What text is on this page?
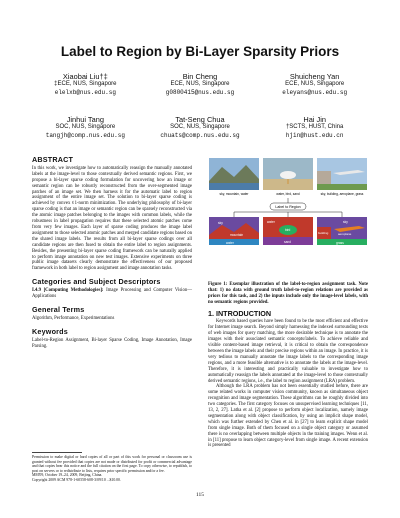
Label to Region by Bi-Layer Sparsity Priors
Xiaobai Liu†‡
‡ECE, NUS, Singapore
elelxb@nus.edu.sg
Bin Cheng
ECE, NUS, Singapore
g0800415@nus.edu.sg
Shuicheng Yan
ECE, NUS, Singapore
eleyans@nus.edu.sg
Jinhui Tang
SOC, NUS, Singapore
tangjh@comp.nus.edu.sg
Tat-Seng Chua
SOC, NUS, Singapore
chuats@comp.nus.edu.sg
Hai Jin
†SCTS, HUST, China
hjin@hust.edu.cn
ABSTRACT

In this work, we investigate how to automatically reassign the manually annotated labels at the image-level to those contextually derived semantic regions. First, we propose a bi-layer sparse coding formulation for uncovering how an image or semantic region can be robustly reconstructed from the over-segmented image patches of an image set. We then harness it for the automatic label to region assignment of the entire image set. The solution to bi-layer sparse coding is achieved by convex ℓ1-norm minimization. The underlying philosophy of bi-layer sparse coding is that an image or semantic region can be sparsely reconstructed via the atomic image patches belonging to the images with common labels, while the robustness in label propagation requires that these selected atomic patches come from very few images. Each layer of sparse coding produces the image label assignment to those selected atomic patches and merged candidate regions based on the shared image labels. The results from all bi-layer sparse codings over all candidate regions are then fused to obtain the entire label to region assignments. Besides, the presenting bi-layer sparse coding framework can be naturally applied to perform image annotation on new test images. Extensive experiments on three public image datasets clearly demonstrate the effectiveness of our proposed framework in both label to region assignment and image annotation tasks.

Categories and Subject Descriptors

I.4.9 [Computing Methodologies]: Image Processing and Computer Vision—Applications

General Terms

Algorithm, Performance, Experimentations

Keywords

Label-to-Region Assignment, Bi-layer Sparse Coding, Image Annotation, Image Parsing.

Permission to make digital or hard copies of all or part of this work for personal or classroom use is granted without fee provided that copies are not made or distributed for profit or commercial advantage and that copies bear this notice and the full citation on the first page. To copy otherwise, to republish, to post on servers or to redistribute to lists, requires prior specific permission and/or a fee.
MM'09, October 19–24, 2009, Beijing, China.
Copyright 2009 ACM 978-1-60558-608-3/09/10 ...$10.00.
sky, mountain, water	water, bird, sand	sky, building, aeroplane, grass
Label to Region
sky
mountain
water
water
bird
sand
sky
building	aeroplane
grass
Figure 1: Exemplar illustration of the label-to-region assignment task. Note that: 1) no data with ground truth label-to-region relations are provided as priors for this task, and 2) the inputs include only the image-level labels, with no semantic regions provided.
1. INTRODUCTION

Keywords based queries have been found to be the most efficient and effective for Internet image search. Beyond simply harnessing the indexed surrounding texts of web images for query matching, the more desirable technique is to annotate the images with their associated semantic concepts/labels. To achieve reliable and visible content-based image retrieval, it is critical to obtain the correspondence between the image labels and their precise regions within an image. In practice, it is very tedious to manually annotate the image labels to the corresponding image regions, and a more feasible alternative is to annotate the labels at the image-level. Therefore, it is interesting and practically valuable to investigate how to automatically reassign the labels annotated at the image-level to those contextually derived semantic regions, i.e., the label to region assignment (LRA) problem.

Although the LRA problem has not been essentially studied before, there are some related works in computer vision community, known as simultaneous object recognition and image segmentation. These algorithms can be roughly divided into two categories. The first category focuses on unsupervised learning techniques [11, 13, 2, 27]. Latha et al. [2] propose to perform object localization, namely image segmentation along with object classification, by using an implicit shape model, which was further extended by Chen et al. in [27] to learn explicit shape model from single image. Both of them focused on a single object category or assumed there is no overlapping between multiple objects in the training images. Wenn et al. in [11] propose to learn object category-level from single image. A recent extension is presented

115
